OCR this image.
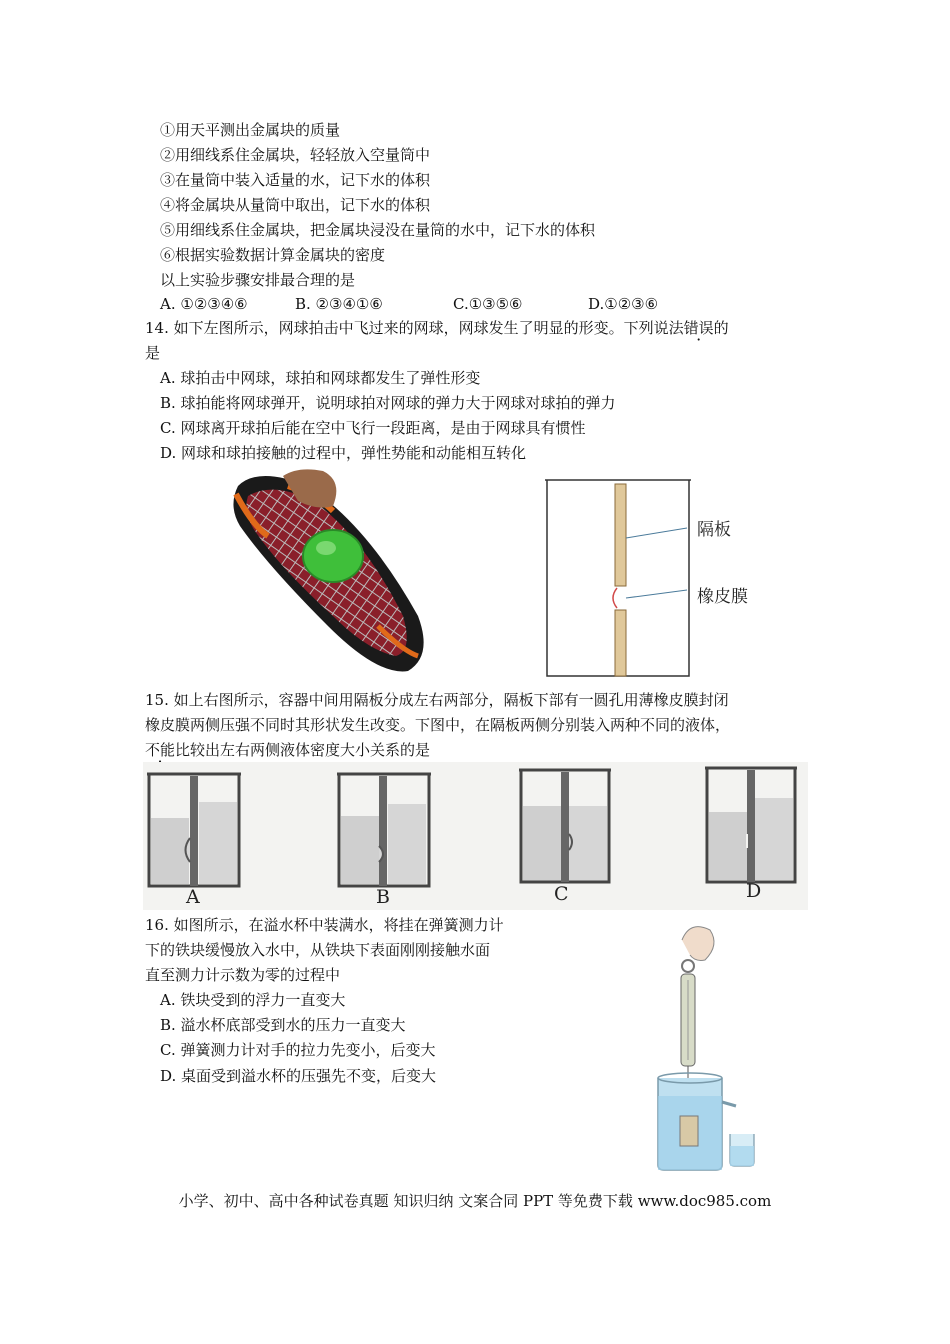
①用天平测出金属块的质量
②用细线系住金属块，轻轻放入空量筒中
③在量筒中装入适量的水，记下水的体积
④将金属块从量筒中取出，记下水的体积
⑤用细线系住金属块，把金属块浸没在量筒的水中，记下水的体积
⑥根据实验数据计算金属块的密度
以上实验步骤安排最合理的是
A. ①②③④⑥	B. ②③④①⑥	C.①③⑤⑥	D.①②③⑥
14. 如下左图所示，网球拍击中飞过来的网球，网球发生了明显的形变。下列说法错误的
是
A. 球拍击中网球，球拍和网球都发生了弹性形变
B. 球拍能将网球弹开，说明球拍对网球的弹力大于网球对球拍的弹力
C. 网球离开球拍后能在空中飞行一段距离，是由于网球具有惯性
D. 网球和球拍接触的过程中，弹性势能和动能相互转化
隔板
橡皮膜
15. 如上右图所示，容器中间用隔板分成左右两部分，隔板下部有一圆孔用薄橡皮膜封闭
橡皮膜两侧压强不同时其形状发生改变。下图中，在隔板两侧分别装入两种不同的液体，
不能比较出左右两侧液体密度大小关系的是
A	B	C	D
16. 如图所示，在溢水杯中装满水，将挂在弹簧测力计
下的铁块缓慢放入水中，从铁块下表面刚刚接触水面
直至测力计示数为零的过程中
A. 铁块受到的浮力一直变大
B. 溢水杯底部受到水的压力一直变大
C. 弹簧测力计对手的拉力先变小，后变大
D. 桌面受到溢水杯的压强先不变，后变大
小学、初中、高中各种试卷真题 知识归纳 文案合同 PPT 等免费下载 www.doc985.com
